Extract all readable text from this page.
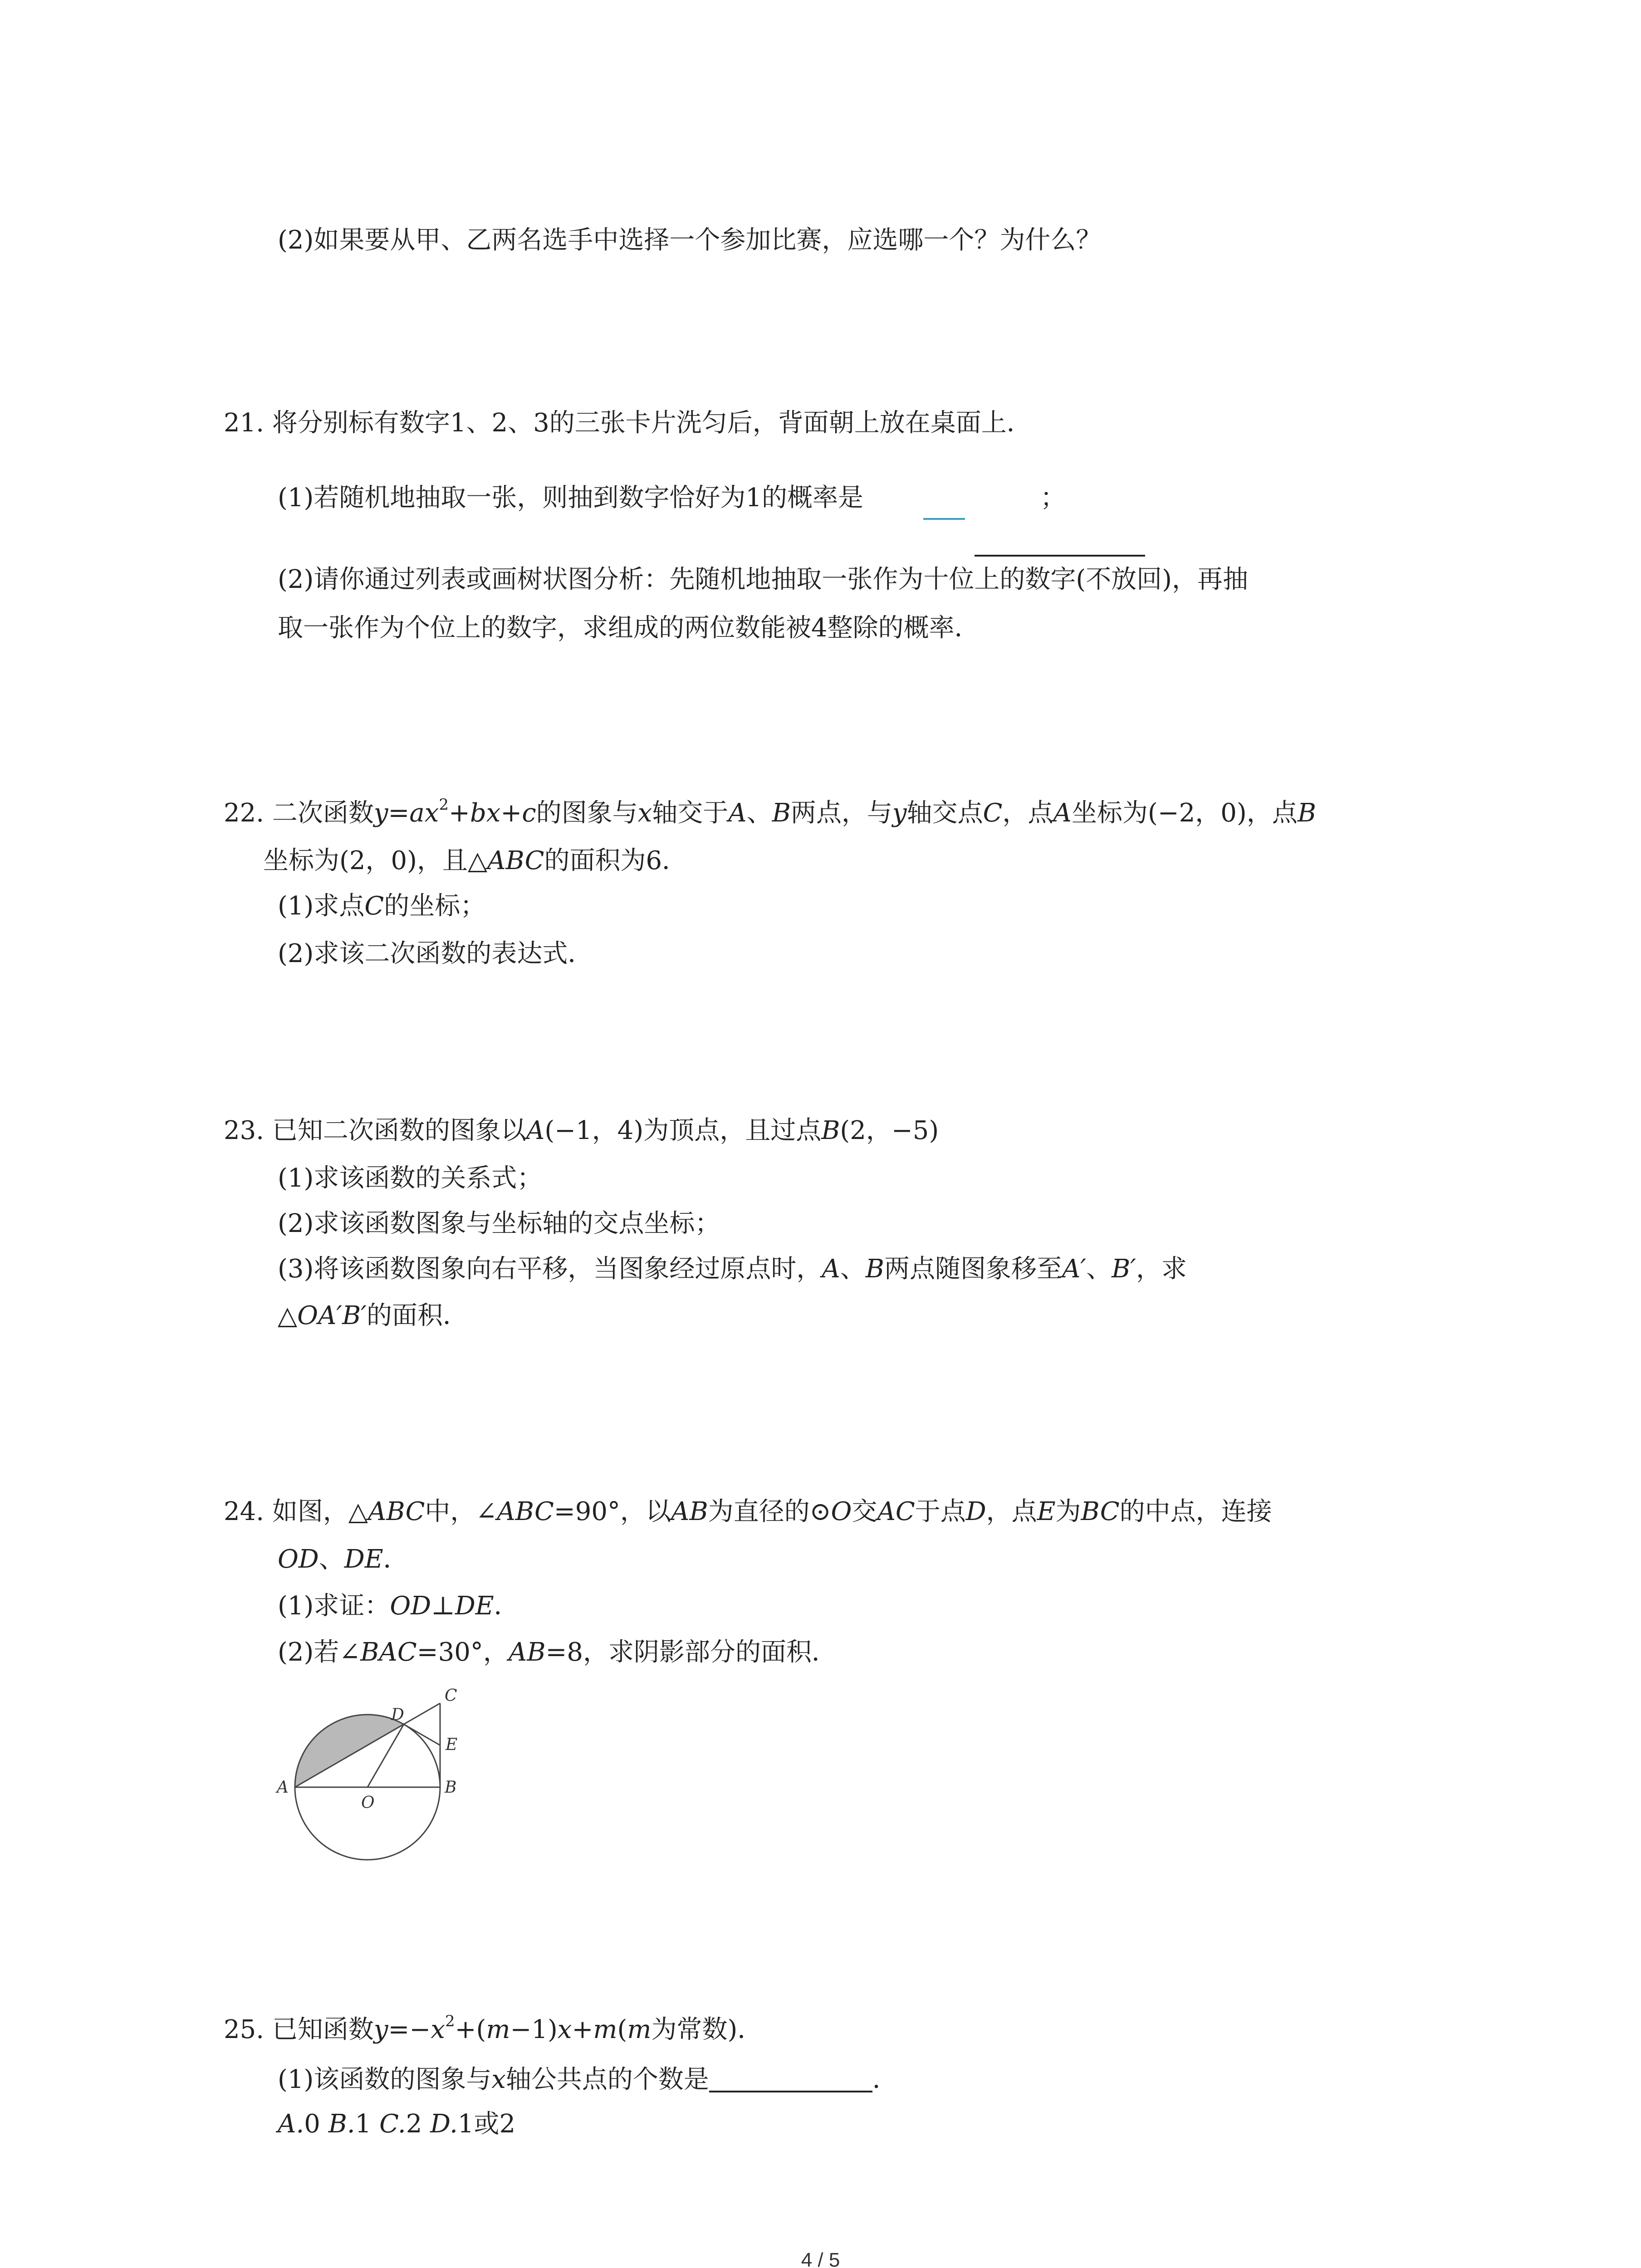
(2)如果要从甲、乙两名选手中选择一个参加比赛，应选哪一个？为什么？
21. 将分别标有数字1、2、3的三张卡片洗匀后，背面朝上放在桌面上．
(1)若随机地抽取一张，则抽到数字恰好为1的概率是	；
(2)请你通过列表或画树状图分析：先随机地抽取一张作为十位上的数字(不放回)，再抽
取一张作为个位上的数字，求组成的两位数能被4整除的概率．
22. 二次函数$y=ax^2+bx+c$的图象与x轴交于A、B两点，与y轴交点C，点A坐标为(−2，0)，点B
坐标为(2，0)，且△ABC的面积为6．
(1)求点C的坐标；
(2)求该二次函数的表达式．
23. 已知二次函数的图象以A(−1，4)为顶点，且过点B(2，−5)
(1)求该函数的关系式；
(2)求该函数图象与坐标轴的交点坐标；
(3)将该函数图象向右平移，当图象经过原点时，A、B两点随图象移至A′、B′，求
△OA′B′的面积．
24. 如图，△ABC中，∠ABC=90°，以AB为直径的⊙O交AC于点D，点E为BC的中点，连接
OD、DE．
(1)求证：OD⊥DE．
(2)若∠BAC=30°，AB=8，求阴影部分的面积．
A	B
C
D
E
O
25. 已知函数$y=-x^2+(m-1)x+m(m$为常数)．
(1)该函数的图象与x轴公共点的个数是	．
A.0 B.1 C.2 D.1或2
4 / 5
